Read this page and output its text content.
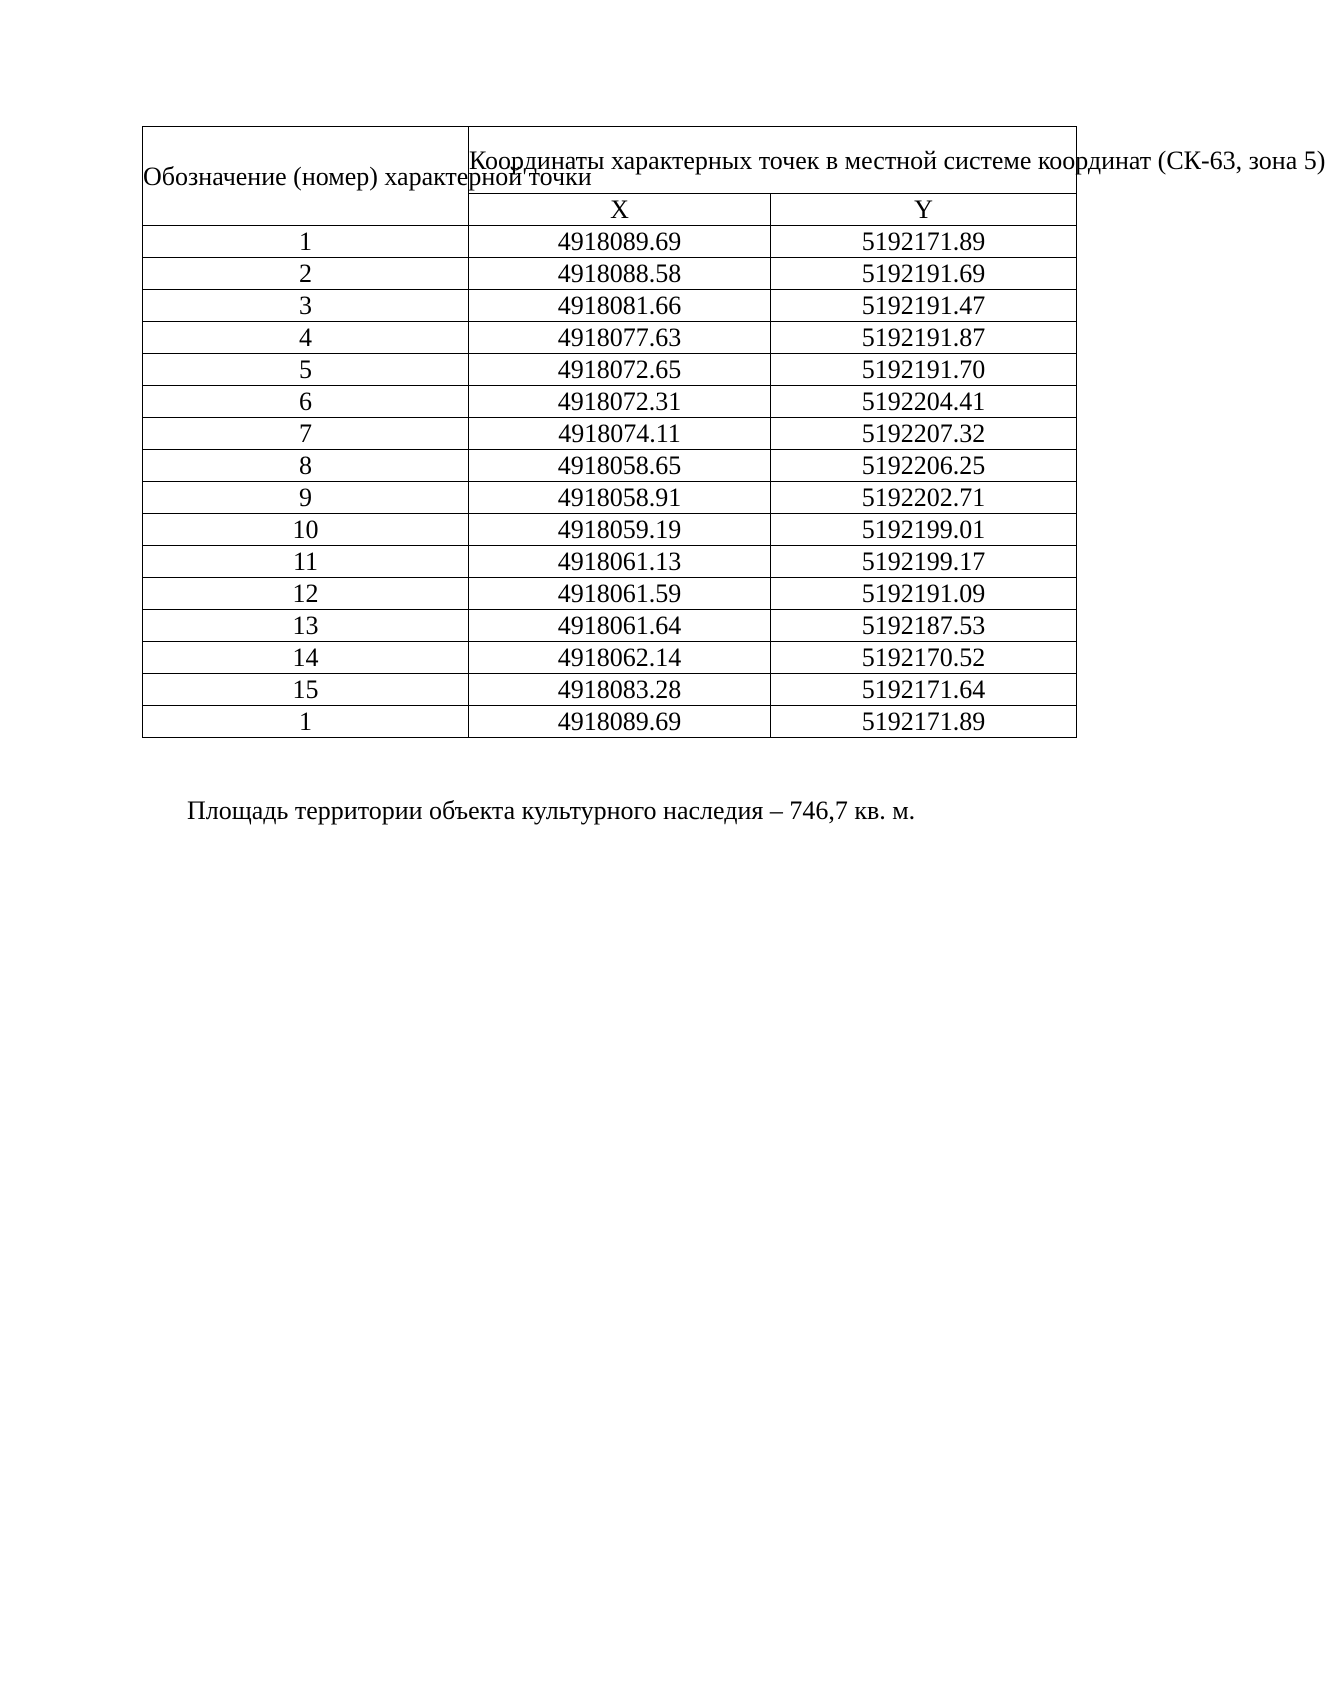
Обозначение (номер) характерной точки	Координаты характерных точек в местной системе координат (СК-63, зона 5)	
	X	Y
1	4918089.69	5192171.89
2	4918088.58	5192191.69
3	4918081.66	5192191.47
4	4918077.63	5192191.87
5	4918072.65	5192191.70
6	4918072.31	5192204.41
7	4918074.11	5192207.32
8	4918058.65	5192206.25
9	4918058.91	5192202.71
10	4918059.19	5192199.01
11	4918061.13	5192199.17
12	4918061.59	5192191.09
13	4918061.64	5192187.53
14	4918062.14	5192170.52
15	4918083.28	5192171.64
1	4918089.69	5192171.89
Площадь территории объекта культурного наследия – 746,7 кв. м.
